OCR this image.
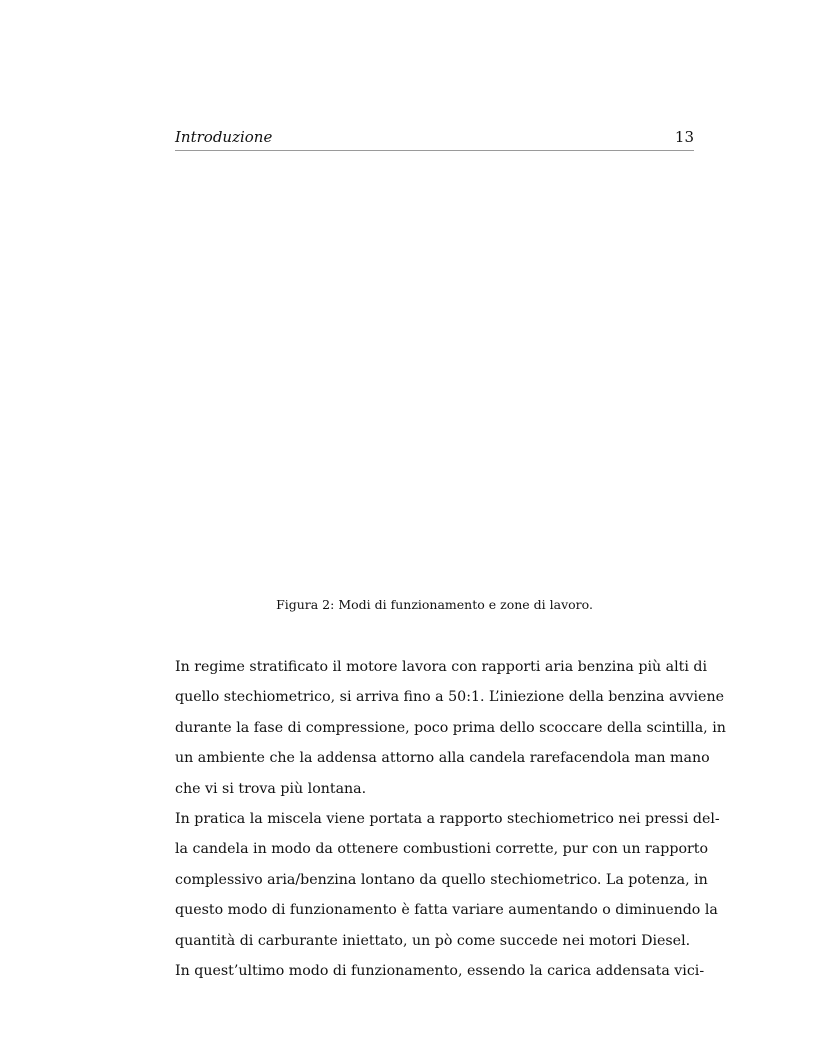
Introduzione	13
Figura 2: Modi di funzionamento e zone di lavoro.
In regime stratificato il motore lavora con rapporti aria benzina più alti di
quello stechiometrico, si arriva fino a 50:1. L’iniezione della benzina avviene
durante la fase di compressione, poco prima dello scoccare della scintilla, in
un ambiente che la addensa attorno alla candela rarefacendola man mano
che vi si trova più lontana.
In pratica la miscela viene portata a rapporto stechiometrico nei pressi del-
la candela in modo da ottenere combustioni corrette, pur con un rapporto
complessivo aria/benzina lontano da quello stechiometrico. La potenza, in
questo modo di funzionamento è fatta variare aumentando o diminuendo la
quantità di carburante iniettato, un pò come succede nei motori Diesel.
In quest’ultimo modo di funzionamento, essendo la carica addensata vici-
